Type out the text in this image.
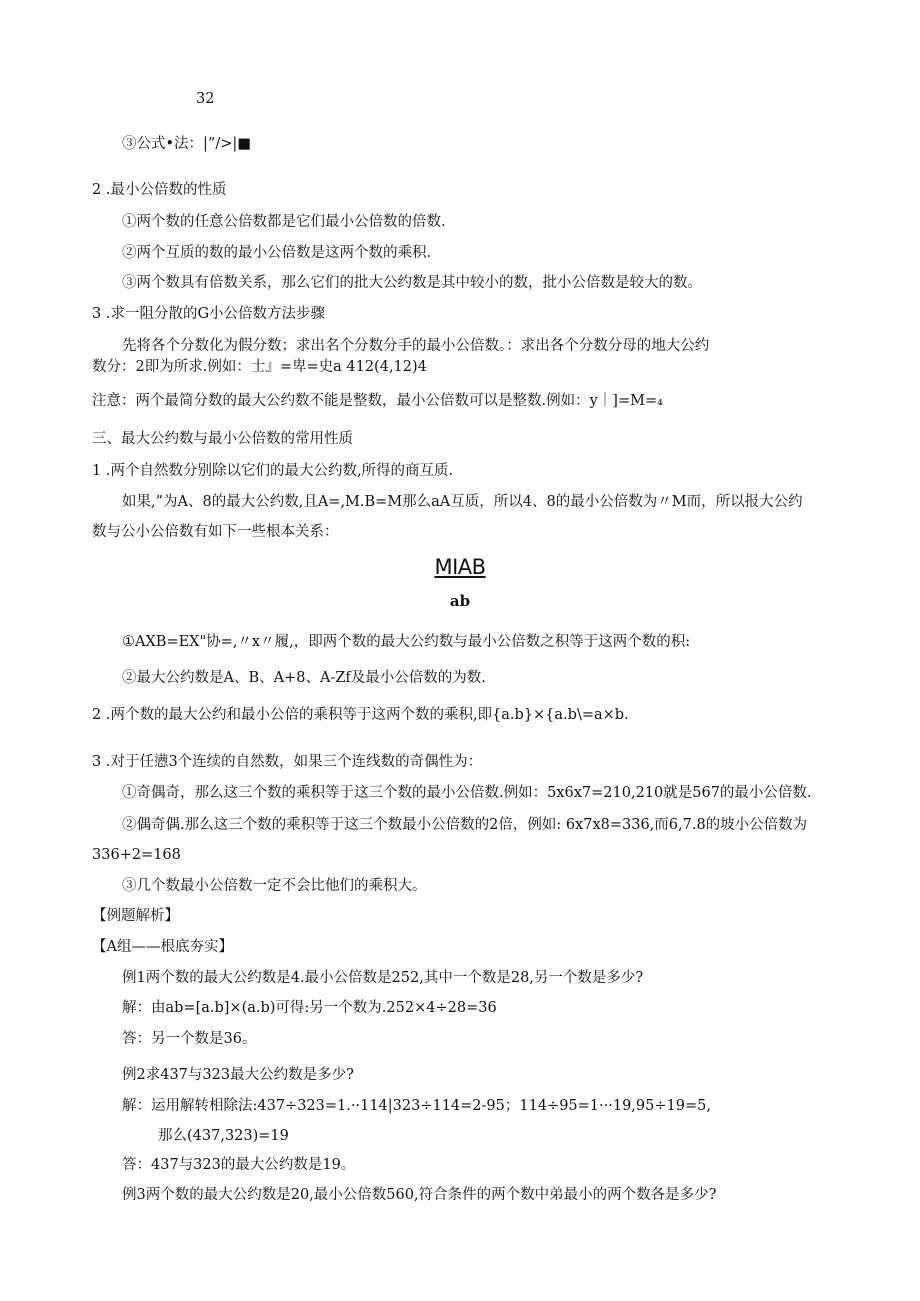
32
③公式•法：|”/>|■
2 .最小公倍数的性质
①两个数的任意公倍数都是它们最小公倍数的倍数.
②两个互质的数的最小公倍数是这两个数的乘积.
③两个数具有倍数关系，那么它们的批大公约数是其中较小的数，批小公倍数是较大的数。
3 .求一阻分散的G小公倍数方法步骤
先将各个分数化为假分数；求出名个分数分手的最小公倍数。：求出各个分数分母的地大公约
数分：2即为所求.例如：士』=卑=史a 412(4,12)4
注意：两个最简分数的最大公约数不能是整数，最小公倍数可以是整数.例如：y｜]=M=₄
三、最大公约数与最小公倍数的常用性质
1 .两个自然数分别除以它们的最大公约数,所得的商互质.
如果,”为A、8的最大公约数,且A=,M.B=M那么aA互质，所以4、8的最小公倍数为〃M而，所以报大公约
数与公小公倍数有如下一些根本关系：
MIAB
ab
①AXB=EX"协=,〃x〃履,，即两个数的最大公约数与最小公倍数之积等于这两个数的积:
②最大公约数是A、B、A+8、A-Zf及最小公倍数的为数.
2 .两个数的最大公约和最小公倍的乘积等于这两个数的乘积,即{a.b}×{a.b\=a×b.
3 .对于任懑3个连续的自然数，如果三个连线数的奇偶性为：
①奇偶奇，那么这三个数的乘积等于这三个数的最小公倍数.例如：5x6x7=210,210就是567的最小公倍数.
②偶奇偶.那么这三个数的乘积等于这三个数最小公倍数的2倍，例如: 6x7x8=336,而6,7.8的坡小公倍数为
336+2=168
③几个数最小公倍数一定不会比他们的乘积大。
【例题解析】
【A组——根底夯实】
例1两个数的最大公约数是4.最小公倍数是252,其中一个数是28,另一个数是多少?
解：由ab=[a.b]×(a.b)可得:另一个数为.252×4÷28=36
答：另一个数是36。
例2求437与323最大公约数是多少?
解：运用解转相除法:437÷323=1.··114|323÷114=2-95；114÷95=1···19,95÷19=5,
那么(437,323)=19
答：437与323的最大公约数是19。
例3两个数的最大公约数是20,最小公倍数560,符合条件的两个数中弟最小的两个数各是多少?
